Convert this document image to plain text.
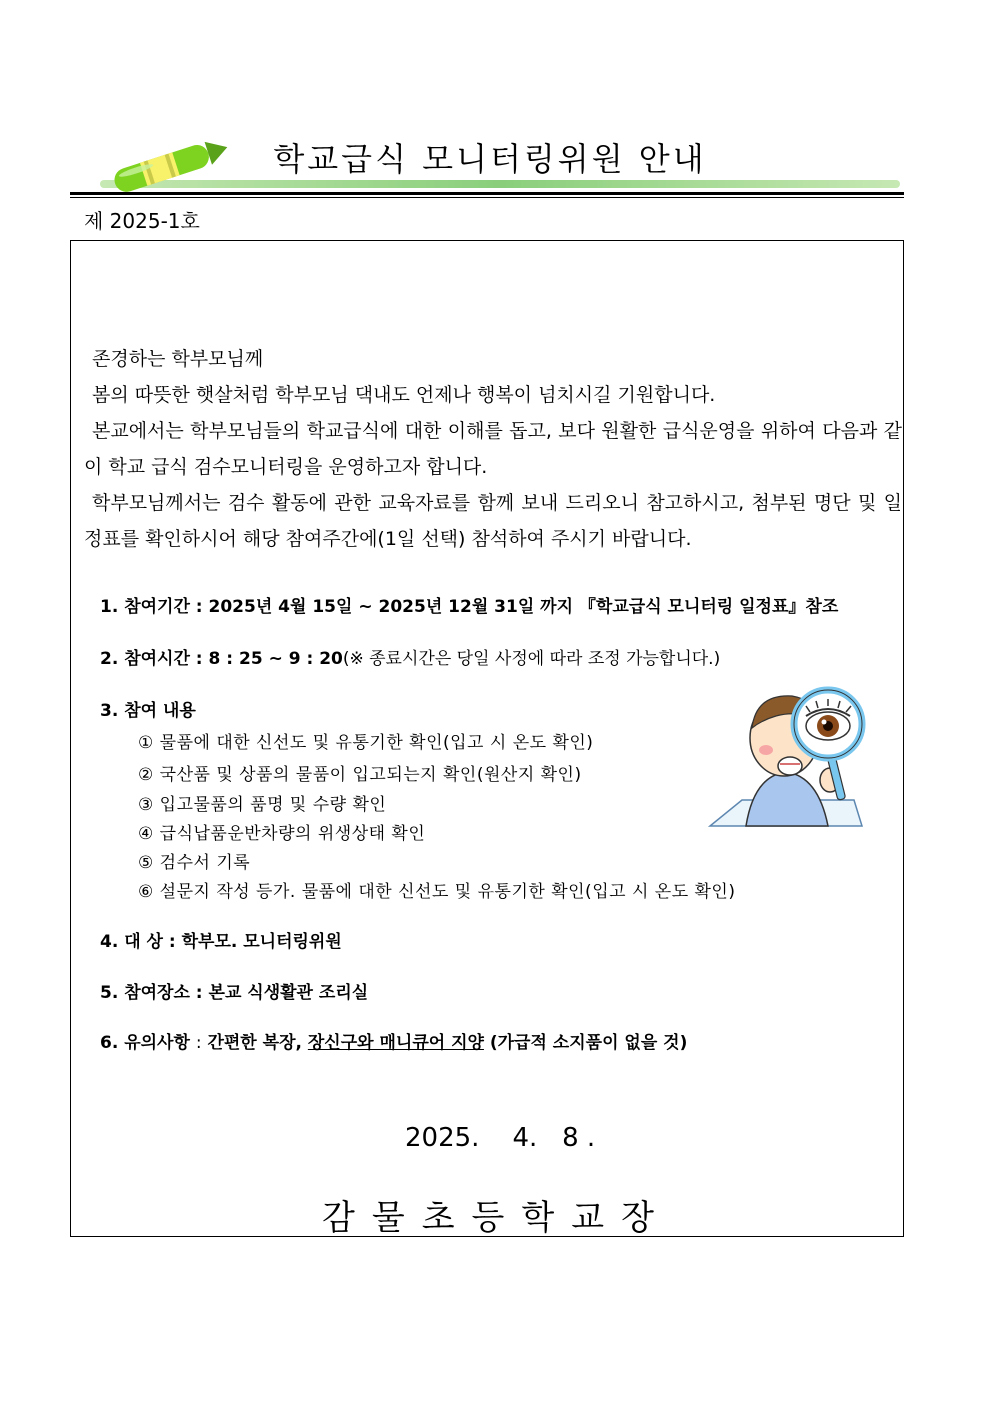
학교급식 모니터링위원 안내
제 2025-1호
존경하는 학부모님께
봄의 따뜻한 햇살처럼 학부모님 댁내도 언제나 행복이 넘치시길 기원합니다.
본교에서는 학부모님들의 학교급식에 대한 이해를 돕고, 보다 원활한 급식운영을 위하여 다음과 같이 학교 급식 검수모니터링을 운영하고자 합니다.
학부모님께서는 검수 활동에 관한 교육자료를 함께 보내 드리오니 참고하시고, 첨부된 명단 및 일정표를 확인하시어 해당 참여주간에(1일 선택) 참석하여 주시기 바랍니다.
1. 참여기간 : 2025년 4월 15일 ~ 2025년 12월 31일 까지 『학교급식 모니터링 일정표』참조
2. 참여시간 : 8 : 25 ~ 9 : 20(※ 종료시간은 당일 사정에 따라 조정 가능합니다.)
3. 참여 내용
① 물품에 대한 신선도 및 유통기한 확인(입고 시 온도 확인)
② 국산품 및 상품의 물품이 입고되는지 확인(원산지 확인)
③ 입고물품의 품명 및 수량 확인
④ 급식납품운반차량의 위생상태 확인
⑤ 검수서 기록
⑥ 설문지 작성 등가. 물품에 대한 신선도 및 유통기한 확인(입고 시 온도 확인)
4. 대 상 : 학부모. 모니터링위원
5. 참여장소 : 본교 식생활관 조리실
6. 유의사항 : 간편한 복장, 장신구와 매니큐어 지양 (가급적 소지품이 없을 것)
2025.    4.   8 .
감물초등학교장
